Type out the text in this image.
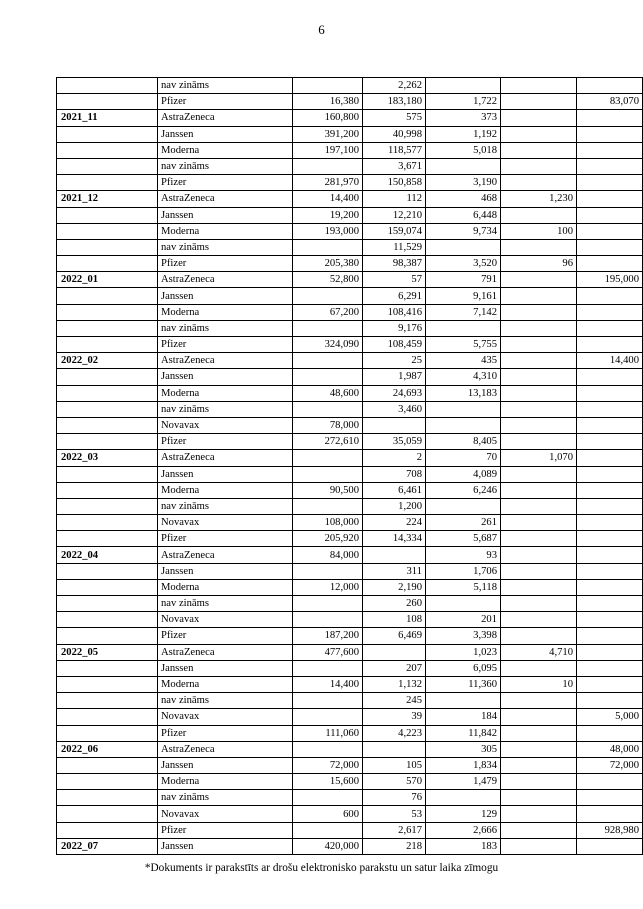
6
	nav zināms		2,262			
	Pfizer	16,380	183,180	1,722		83,070
2021_11	AstraZeneca	160,800	575	373		
	Janssen	391,200	40,998	1,192		
	Moderna	197,100	118,577	5,018		
	nav zināms		3,671			
	Pfizer	281,970	150,858	3,190		
2021_12	AstraZeneca	14,400	112	468	1,230	
	Janssen	19,200	12,210	6,448		
	Moderna	193,000	159,074	9,734	100	
	nav zināms		11,529			
	Pfizer	205,380	98,387	3,520	96	
2022_01	AstraZeneca	52,800	57	791		195,000
	Janssen		6,291	9,161		
	Moderna	67,200	108,416	7,142		
	nav zināms		9,176			
	Pfizer	324,090	108,459	5,755		
2022_02	AstraZeneca		25	435		14,400
	Janssen		1,987	4,310		
	Moderna	48,600	24,693	13,183		
	nav zināms		3,460			
	Novavax	78,000				
	Pfizer	272,610	35,059	8,405		
2022_03	AstraZeneca		2	70	1,070	
	Janssen		708	4,089		
	Moderna	90,500	6,461	6,246		
	nav zināms		1,200			
	Novavax	108,000	224	261		
	Pfizer	205,920	14,334	5,687		
2022_04	AstraZeneca	84,000		93		
	Janssen		311	1,706		
	Moderna	12,000	2,190	5,118		
	nav zināms		260			
	Novavax		108	201		
	Pfizer	187,200	6,469	3,398		
2022_05	AstraZeneca	477,600		1,023	4,710	
	Janssen		207	6,095		
	Moderna	14,400	1,132	11,360	10	
	nav zināms		245			
	Novavax		39	184		5,000
	Pfizer	111,060	4,223	11,842		
2022_06	AstraZeneca			305		48,000
	Janssen	72,000	105	1,834		72,000
	Moderna	15,600	570	1,479		
	nav zināms		76			
	Novavax	600	53	129		
	Pfizer		2,617	2,666		928,980
2022_07	Janssen	420,000	218	183		
*Dokuments ir parakstīts ar drošu elektronisko parakstu un satur laika zīmogu
